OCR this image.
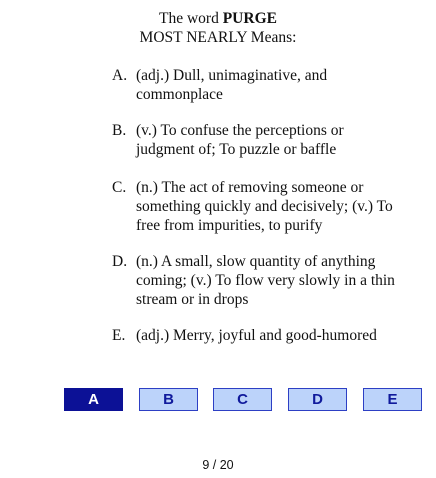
The word PURGE
MOST NEARLY Means:
A. (adj.) Dull, unimaginative, and commonplace
B. (v.) To confuse the perceptions or judgment of; To puzzle or baffle
C. (n.) The act of removing someone or something quickly and decisively; (v.) To free from impurities, to purify
D. (n.) A small, slow quantity of anything coming; (v.) To flow very slowly in a thin stream or in drops
E. (adj.) Merry, joyful and good-humored
A	B	C	D	E
9 / 20
